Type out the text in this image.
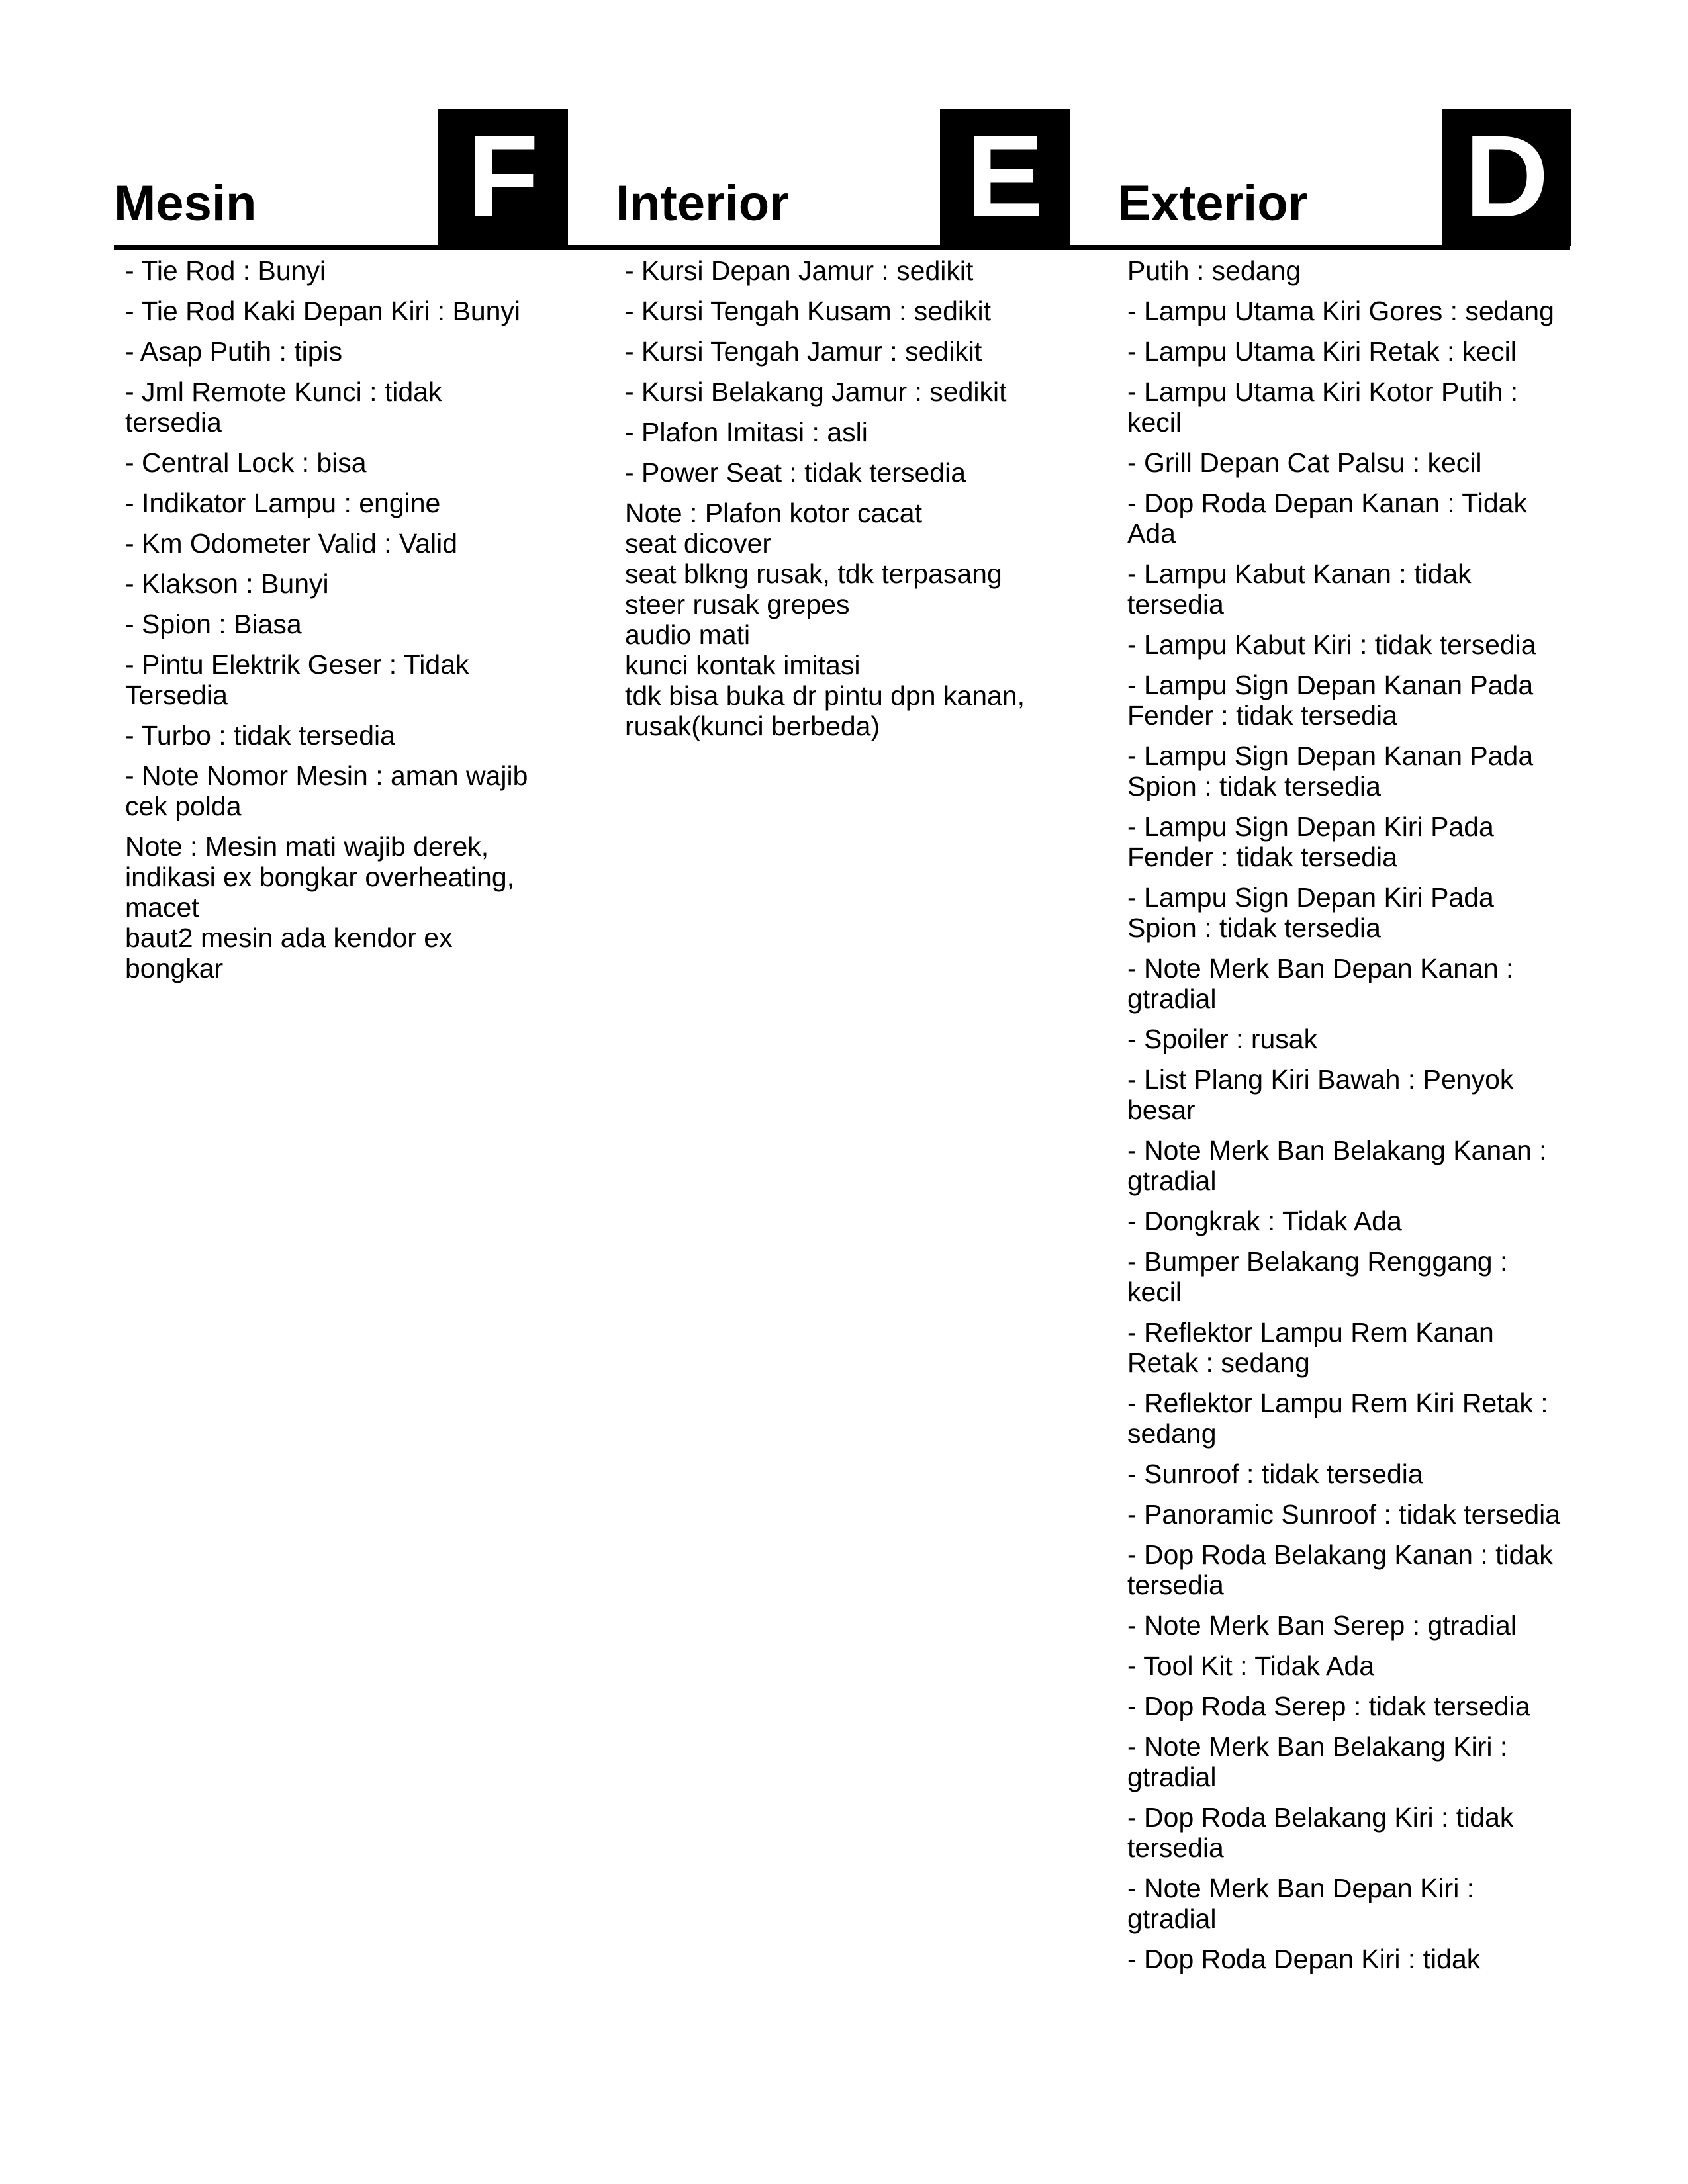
Mesin F
- Tie Rod : Bunyi
- Tie Rod Kaki Depan Kiri : Bunyi
- Asap Putih : tipis
- Jml Remote Kunci : tidak tersedia
- Central Lock : bisa
- Indikator Lampu : engine
- Km Odometer Valid : Valid
- Klakson : Bunyi
- Spion : Biasa
- Pintu Elektrik Geser : Tidak Tersedia
- Turbo : tidak tersedia
- Note Nomor Mesin : aman wajib cek polda
Note : Mesin mati wajib derek, indikasi ex bongkar overheating, macet
baut2 mesin ada kendor ex bongkar
Interior E
- Kursi Depan Jamur : sedikit
- Kursi Tengah Kusam : sedikit
- Kursi Tengah Jamur : sedikit
- Kursi Belakang Jamur : sedikit
- Plafon Imitasi : asli
- Power Seat : tidak tersedia
Note : Plafon kotor cacat
seat dicover
seat blkng rusak, tdk terpasang
steer rusak grepes
audio mati
kunci kontak imitasi
tdk bisa buka dr pintu dpn kanan, rusak(kunci berbeda)
Exterior D
Putih : sedang
- Lampu Utama Kiri Gores : sedang
- Lampu Utama Kiri Retak : kecil
- Lampu Utama Kiri Kotor Putih : kecil
- Grill Depan Cat Palsu : kecil
- Dop Roda Depan Kanan : Tidak Ada
- Lampu Kabut Kanan : tidak tersedia
- Lampu Kabut Kiri : tidak tersedia
- Lampu Sign Depan Kanan Pada Fender : tidak tersedia
- Lampu Sign Depan Kanan Pada Spion : tidak tersedia
- Lampu Sign Depan Kiri Pada Fender : tidak tersedia
- Lampu Sign Depan Kiri Pada Spion : tidak tersedia
- Note Merk Ban Depan Kanan : gtradial
- Spoiler : rusak
- List Plang Kiri Bawah : Penyok besar
- Note Merk Ban Belakang Kanan : gtradial
- Dongkrak : Tidak Ada
- Bumper Belakang Renggang : kecil
- Reflektor Lampu Rem Kanan Retak : sedang
- Reflektor Lampu Rem Kiri Retak : sedang
- Sunroof : tidak tersedia
- Panoramic Sunroof : tidak tersedia
- Dop Roda Belakang Kanan : tidak tersedia
- Note Merk Ban Serep : gtradial
- Tool Kit : Tidak Ada
- Dop Roda Serep : tidak tersedia
- Note Merk Ban Belakang Kiri : gtradial
- Dop Roda Belakang Kiri : tidak tersedia
- Note Merk Ban Depan Kiri : gtradial
- Dop Roda Depan Kiri : tidak
